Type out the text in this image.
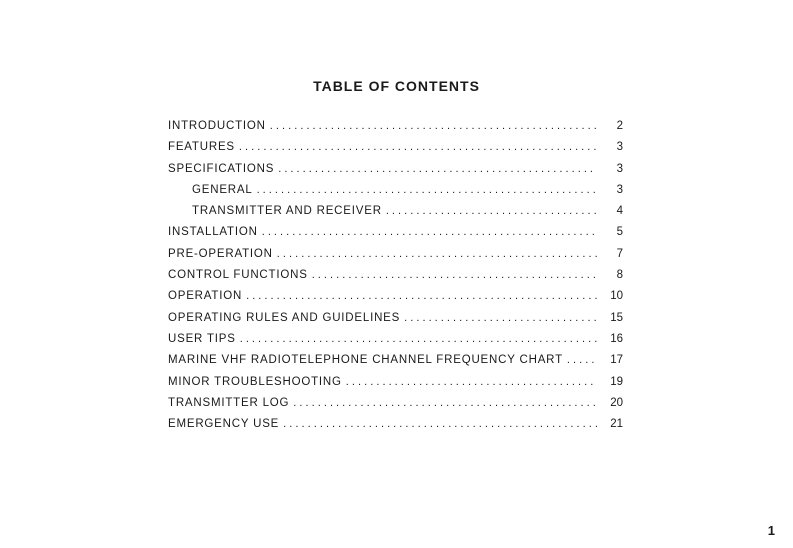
TABLE OF CONTENTS
INTRODUCTION . . .	2
FEATURES . . .	3
SPECIFICATIONS . . .	3
GENERAL . . .	3
TRANSMITTER AND RECEIVER . . .	4
INSTALLATION . . .	5
PRE-OPERATION . . .	7
CONTROL FUNCTIONS . . .	8
OPERATION . . .	10
OPERATING RULES AND GUIDELINES . . .	15
USER TIPS . . .	16
MARINE VHF RADIOTELEPHONE CHANNEL FREQUENCY CHART . . .	17
MINOR TROUBLESHOOTING . . .	19
TRANSMITTER LOG . . .	20
EMERGENCY USE . . .	21
1
